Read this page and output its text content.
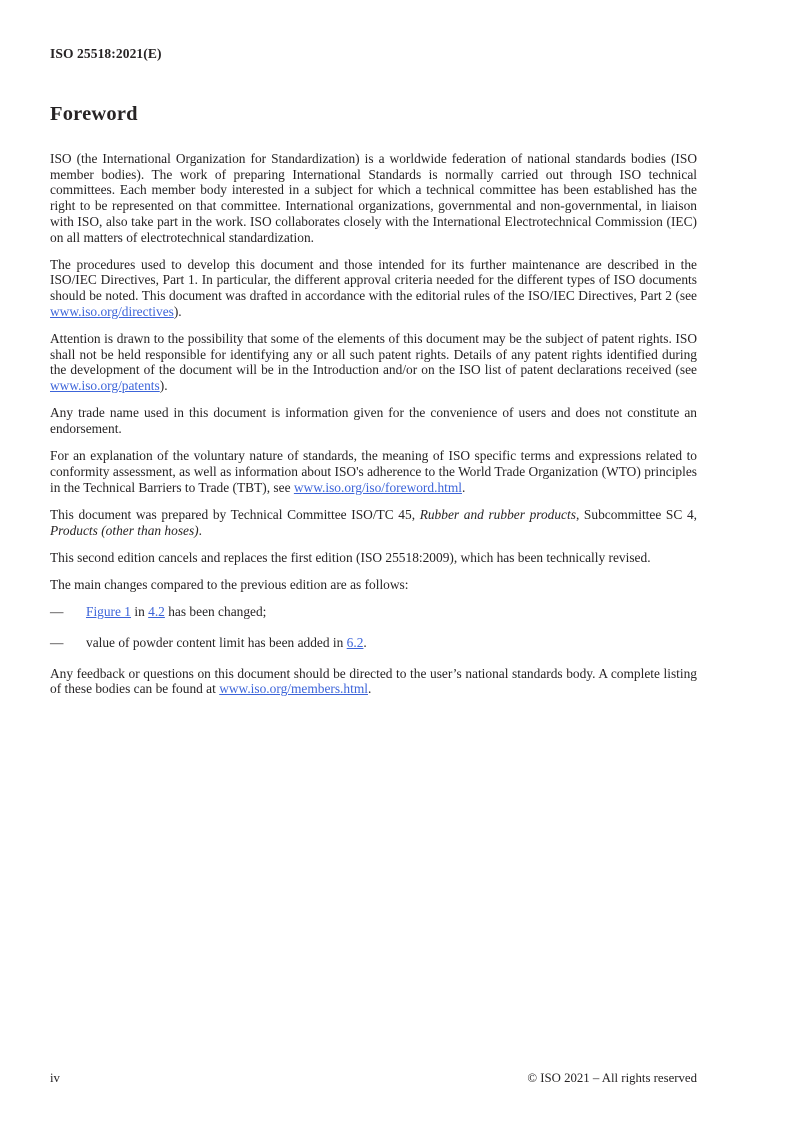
ISO 25518:2021(E)
Foreword

ISO (the International Organization for Standardization) is a worldwide federation of national standards bodies (ISO member bodies). The work of preparing International Standards is normally carried out through ISO technical committees. Each member body interested in a subject for which a technical committee has been established has the right to be represented on that committee. International organizations, governmental and non-governmental, in liaison with ISO, also take part in the work. ISO collaborates closely with the International Electrotechnical Commission (IEC) on all matters of electrotechnical standardization.

The procedures used to develop this document and those intended for its further maintenance are described in the ISO/IEC Directives, Part 1. In particular, the different approval criteria needed for the different types of ISO documents should be noted. This document was drafted in accordance with the editorial rules of the ISO/IEC Directives, Part 2 (see www.iso.org/directives).

Attention is drawn to the possibility that some of the elements of this document may be the subject of patent rights. ISO shall not be held responsible for identifying any or all such patent rights. Details of any patent rights identified during the development of the document will be in the Introduction and/or on the ISO list of patent declarations received (see www.iso.org/patents).

Any trade name used in this document is information given for the convenience of users and does not constitute an endorsement.

For an explanation of the voluntary nature of standards, the meaning of ISO specific terms and expressions related to conformity assessment, as well as information about ISO's adherence to the World Trade Organization (WTO) principles in the Technical Barriers to Trade (TBT), see www.iso.org/iso/foreword.html.

This document was prepared by Technical Committee ISO/TC 45, Rubber and rubber products, Subcommittee SC 4, Products (other than hoses).

This second edition cancels and replaces the first edition (ISO 25518:2009), which has been technically revised.

The main changes compared to the previous edition are as follows:

—	Figure 1 in 4.2 has been changed;
—	value of powder content limit has been added in 6.2.

Any feedback or questions on this document should be directed to the user’s national standards body. A complete listing of these bodies can be found at www.iso.org/members.html.

iv	© ISO 2021 – All rights reserved
